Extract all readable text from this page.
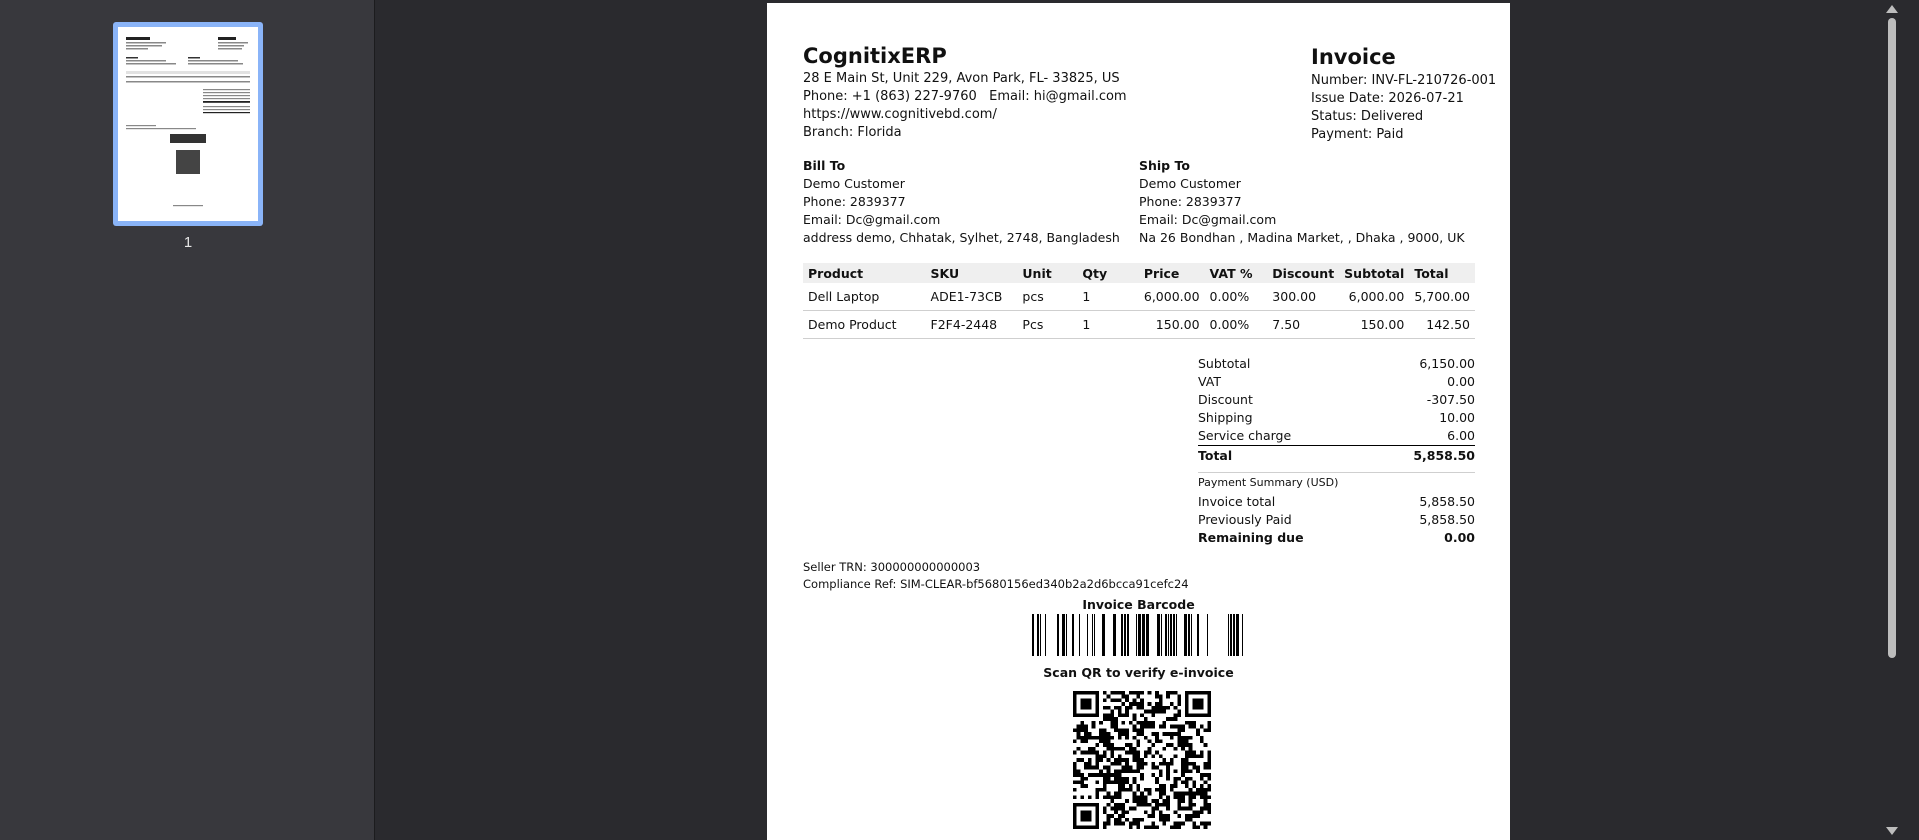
1
CognitixERP
28 E Main St, Unit 229, Avon Park, FL- 33825, US
Phone: +1 (863) 227-9760   Email: hi@gmail.com
https://www.cognitivebd.com/
Branch: Florida
Invoice
Number: INV-FL-210726-001
Issue Date: 2026-07-21
Status: Delivered
Payment: Paid
Bill To
Demo Customer
Phone: 2839377
Email: Dc@gmail.com
address demo, Chhatak, Sylhet, 2748, Bangladesh
Ship To
Demo Customer
Phone: 2839377
Email: Dc@gmail.com
Na 26 Bondhan , Madina Market, , Dhaka , 9000, UK
Product	SKU	Unit	Qty	Price	VAT %	Discount	Subtotal	Total
Dell Laptop	ADE1-73CB	pcs	1	6,000.00	0.00%	300.00	6,000.00	5,700.00
Demo Product	F2F4-2448	Pcs	1	150.00	0.00%	7.50	150.00	142.50
Subtotal	6,150.00
VAT	0.00
Discount	-307.50
Shipping	10.00
Service charge	6.00
Total	5,858.50
Payment Summary (USD)
Invoice total	5,858.50
Previously Paid	5,858.50
Remaining due	0.00
Seller TRN: 300000000000003
Compliance Ref: SIM-CLEAR-bf5680156ed340b2a2d6bcca91cefc24
Invoice Barcode
Scan QR to verify e-invoice
